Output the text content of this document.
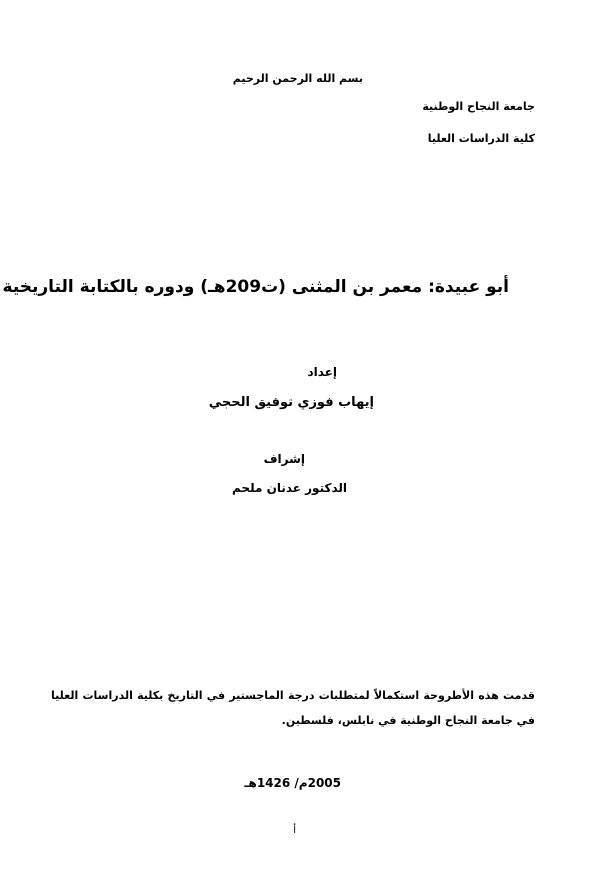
بسم الله الرحمن الرحيم
جامعة النجاح الوطنية
كلية الدراسات العليا
أبو عبيدة: معمر بن المثنى (ت209هـ) ودوره بالكتابة التاريخية
إعداد
إيهاب فوزي توفيق الحجي
إشراف
الدكتور عدنان ملحم
قدمت هذه الأطروحة استكمالاً لمتطلبات درجة الماجستير في التاريخ بكلية الدراسات العليا في جامعة النجاح الوطنية في نابلس، فلسطين.
2005م/ 1426هـ
أ
